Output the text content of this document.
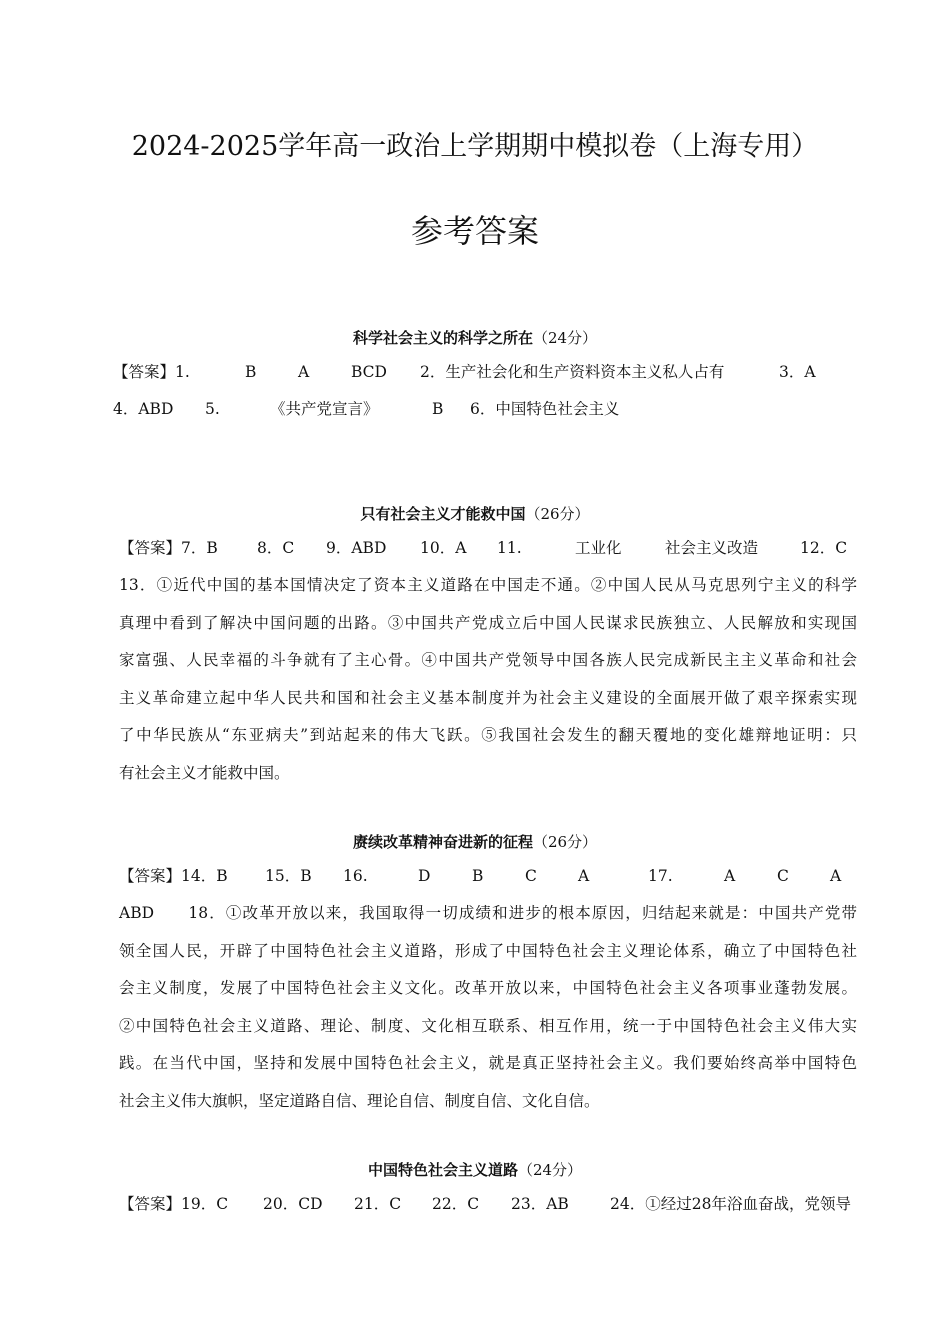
2024-2025学年高一政治上学期期中模拟卷（上海专用）
参考答案
科学社会主义的科学之所在（24分）
【答案】1.	B	A	BCD 2．生产社会化和生产资料资本主义私人占有	3．A
4．ABD 5.	《共产党宣言》	B 6．中国特色社会主义
只有社会主义才能救中国（26分）
【答案】7．B	8．C 9．ABD 10．A 11.	工业化	社会主义改造	12．C
13．①近代中国的基本国情决定了资本主义道路在中国走不通。②中国人民从马克思列宁主义的科学
真理中看到了解决中国问题的出路。③中国共产党成立后中国人民谋求民族独立、人民解放和实现国
家富强、人民幸福的斗争就有了主心骨。④中国共产党领导中国各族人民完成新民主主义革命和社会
主义革命建立起中华人民共和国和社会主义基本制度并为社会主义建设的全面展开做了艰辛探索实现
了中华民族从“东亚病夫”到站起来的伟大飞跃。⑤我国社会发生的翻天覆地的变化雄辩地证明：只
有社会主义才能救中国。
赓续改革精神奋进新的征程（26分）
【答案】14．B 15．B 16.	D	B	C	A	17.	A	C	A
ABD　　18．①改革开放以来，我国取得一切成绩和进步的根本原因，归结起来就是：中国共产党带
领全国人民，开辟了中国特色社会主义道路，形成了中国特色社会主义理论体系，确立了中国特色社
会主义制度，发展了中国特色社会主义文化。改革开放以来，中国特色社会主义各项事业蓬勃发展。
②中国特色社会主义道路、理论、制度、文化相互联系、相互作用，统一于中国特色社会主义伟大实
践。在当代中国，坚持和发展中国特色社会主义，就是真正坚持社会主义。我们要始终高举中国特色
社会主义伟大旗帜，坚定道路自信、理论自信、制度自信、文化自信。
中国特色社会主义道路（24分）
【答案】19．C 20．CD 21．C 22．C 23．AB	24．①经过28年浴血奋战，党领导
